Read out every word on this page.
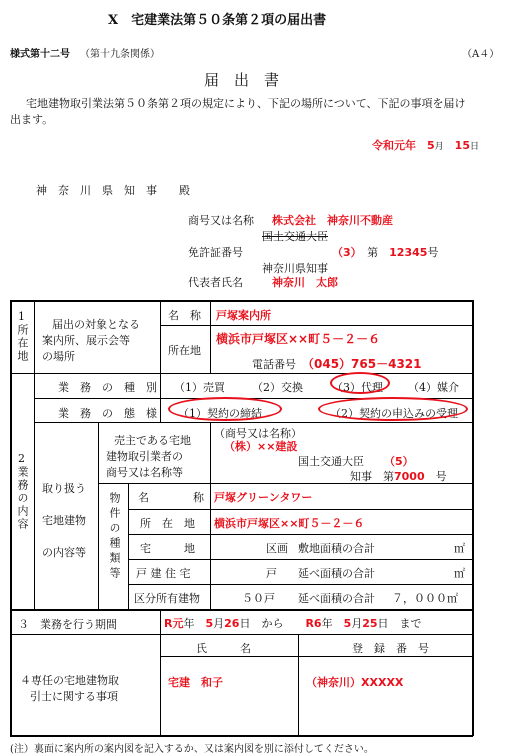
X　宅建業法第５０条第２項の届出書
様式第十二号 （第十九条関係）	（A４）
届　出　書
宅地建物取引業法第５０条第２項の規定により、下記の場所について、下記の事項を届け
出ます。
令和元年　 5月　 15日
神　奈　川　県　知　事　　殿
商号又は名称 株式会社　神奈川不動産
国土交通大臣
免許証番号	（3）　 第　 12345号
神奈川県知事
代表者氏名	神奈川　太郎
1
所在地 届出の対象となる
案内所、展示会等
の場所
名　称 戸塚案内所
所在地
横浜市戸塚区××町５－２－６
電話番号 （045）765－4321
2
業務の内容
業　務　の　種　別 （1）売買 （2）交換	（3）代理 （4）媒介
業　務　の　態　様 （1）契約の締結	（2）契約の申込みの受理
取り扱う
宅地建物
の内容等
売主である宅地
建物取引業者の
商号又は名称等
（商号又は名称）
（株）××建設
国土交通大臣 （5）
知事　 第7000　 号
物件の種類等 名　　　　称 戸塚グリーンタワー
所　在　地 横浜市戸塚区××町５－２－６
宅　　　地	区画 敷地面積の合計	㎡
戸 建 住 宅	戸 延べ面積の合計	㎡
区分所有建物	５０戸 延べ面積の合計 ７，０００㎡
３　業務を行う期間	R元年　 5月26日　 から　　 R6年　 5月25日　 まで
４専任の宅地建物取
引士に関する事項
氏　　　名	登　録　番　号
宅建　和子	（神奈川）XXXXX
(注）裏面に案内所の案内図を記入するか、又は案内図を別に添付してください。
